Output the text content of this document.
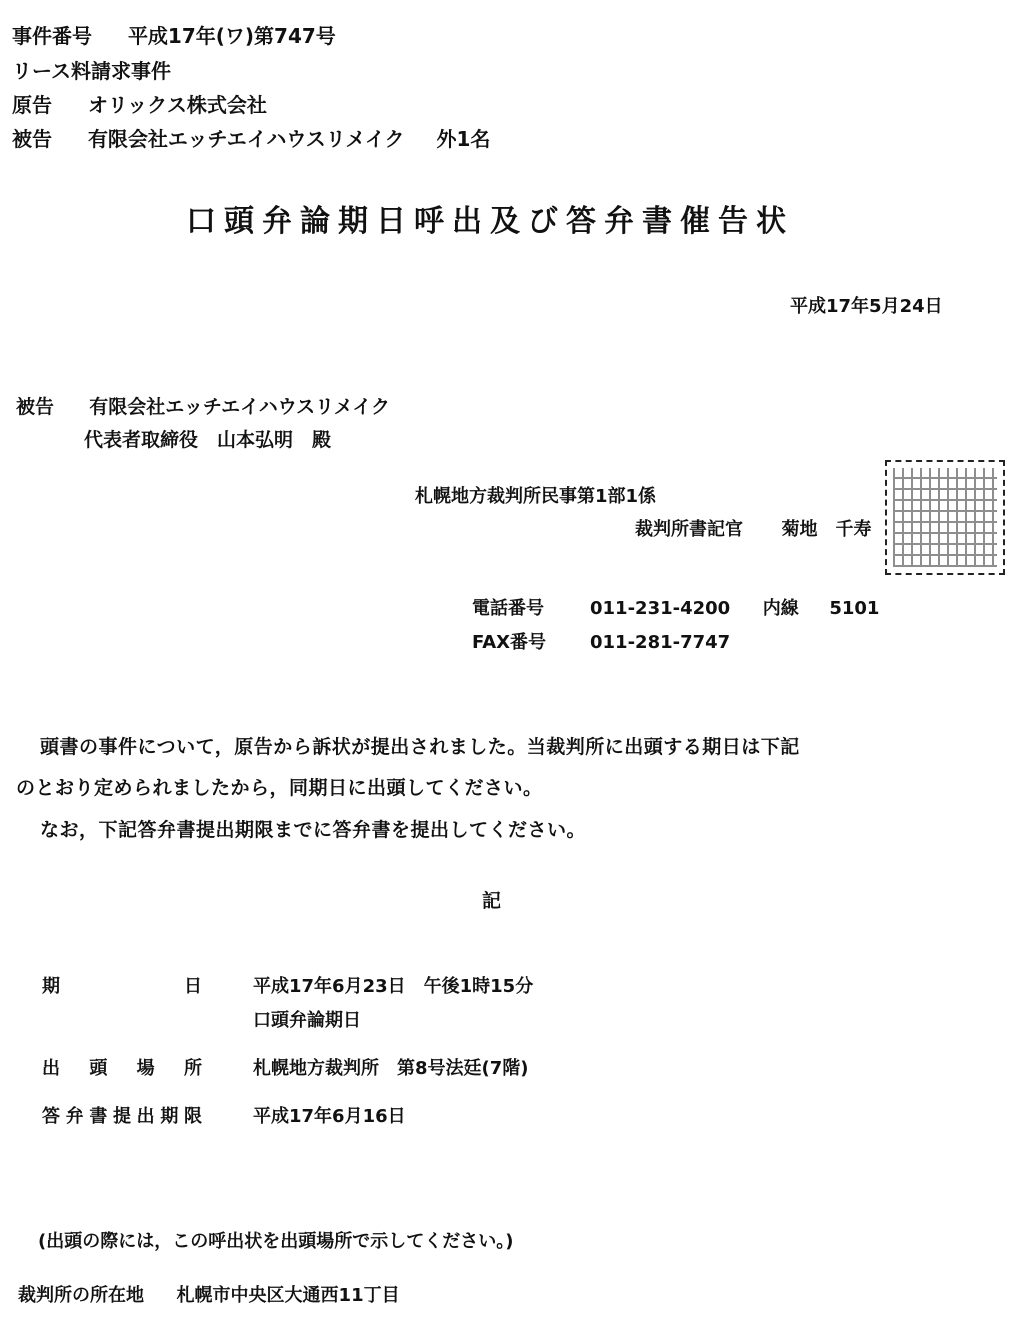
事件番号 平成17年(ワ)第747号
リース料請求事件
原告 オリックス株式会社
被告 有限会社エッチエイハウスリメイク 外1名
口頭弁論期日呼出及び答弁書催告状
平成17年5月24日
被告 有限会社エッチエイハウスリメイク
代表者取締役　山本弘明　殿
札幌地方裁判所民事第1部1係
裁判所書記官 菊地　千寿
電話番号	011-231-4200 内線 5101
FAX番号 011-281-7747
頭書の事件について，原告から訴状が提出されました。当裁判所に出頭する期日は下記
のとおり定められましたから，同期日に出頭してください。
なお，下記答弁書提出期限までに答弁書を提出してください。
記
期　日	平成17年6月23日　午後1時15分
口頭弁論期日
出頭場所	札幌地方裁判所　第8号法廷(7階)
答弁書提出期限	平成17年6月16日
(出頭の際には，この呼出状を出頭場所で示してください。)
裁判所の所在地 札幌市中央区大通西11丁目
